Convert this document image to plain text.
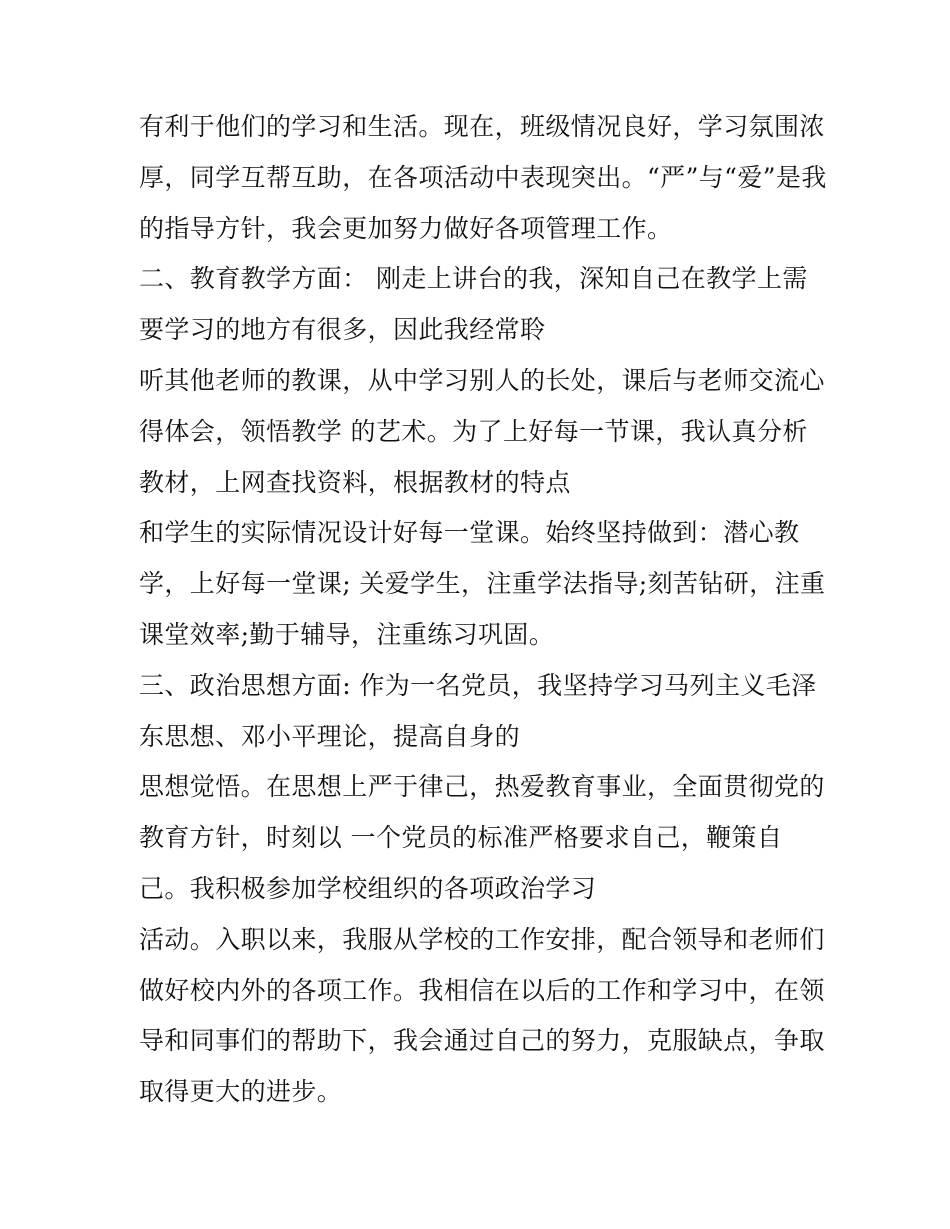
有利于他们的学习和生活。现在，班级情况良好，学习氛围浓
厚，同学互帮互助，在各项活动中表现突出。“严”与“爱”是我
的指导方针，我会更加努力做好各项管理工作。
二、教育教学方面： 刚走上讲台的我，深知自己在教学上需
要学习的地方有很多，因此我经常聆
听其他老师的教课，从中学习别人的长处，课后与老师交流心
得体会，领悟教学 的艺术。为了上好每一节课，我认真分析
教材，上网查找资料，根据教材的特点
和学生的实际情况设计好每一堂课。始终坚持做到：潜心教
学，上好每一堂课; 关爱学生，注重学法指导;刻苦钻研，注重
课堂效率;勤于辅导，注重练习巩固。
三、政治思想方面: 作为一名党员，我坚持学习马列主义毛泽
东思想、邓小平理论，提高自身的
思想觉悟。在思想上严于律己，热爱教育事业，全面贯彻党的
教育方针，时刻以 一个党员的标准严格要求自己，鞭策自
己。我积极参加学校组织的各项政治学习
活动。入职以来，我服从学校的工作安排，配合领导和老师们
做好校内外的各项工作。我相信在以后的工作和学习中，在领
导和同事们的帮助下，我会通过自己的努力，克服缺点，争取
取得更大的进步。
